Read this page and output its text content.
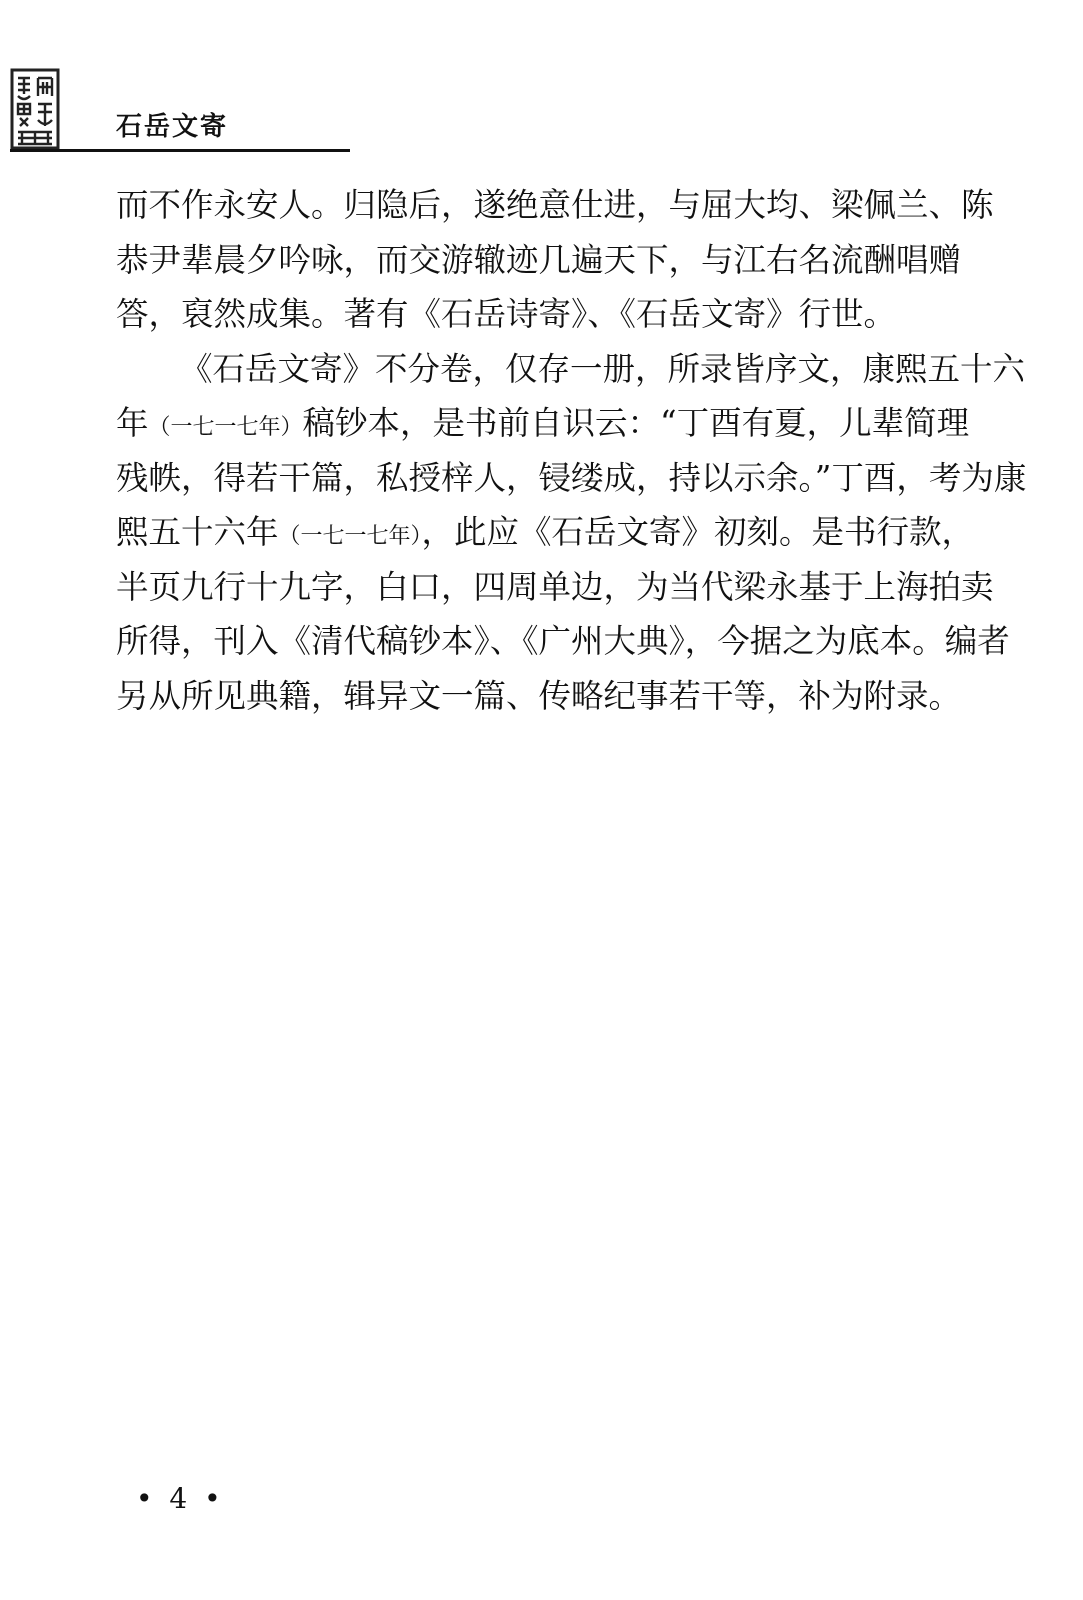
石岳文寄
而不作永安人。归隐后，遂绝意仕进，与屈大均、梁佩兰、陈
恭尹辈晨夕吟咏，而交游辙迹几遍天下，与江右名流酬唱赠
答，裒然成集。著有《石岳诗寄》、《石岳文寄》行世。
《石岳文寄》不分卷，仅存一册，所录皆序文，康熙五十六
年（一七一七年）稿钞本，是书前自识云：“丁酉有夏，儿辈简理
残帙，得若干篇，私授梓人，锓缕成，持以示余。”丁酉，考为康
熙五十六年（一七一七年），此应《石岳文寄》初刻。是书行款，
半页九行十九字，白口，四周单边，为当代梁永基于上海拍卖
所得，刊入《清代稿钞本》、《广州大典》，今据之为底本。编者
另从所见典籍，辑异文一篇、传略纪事若干等，补为附录。
• 4 •
